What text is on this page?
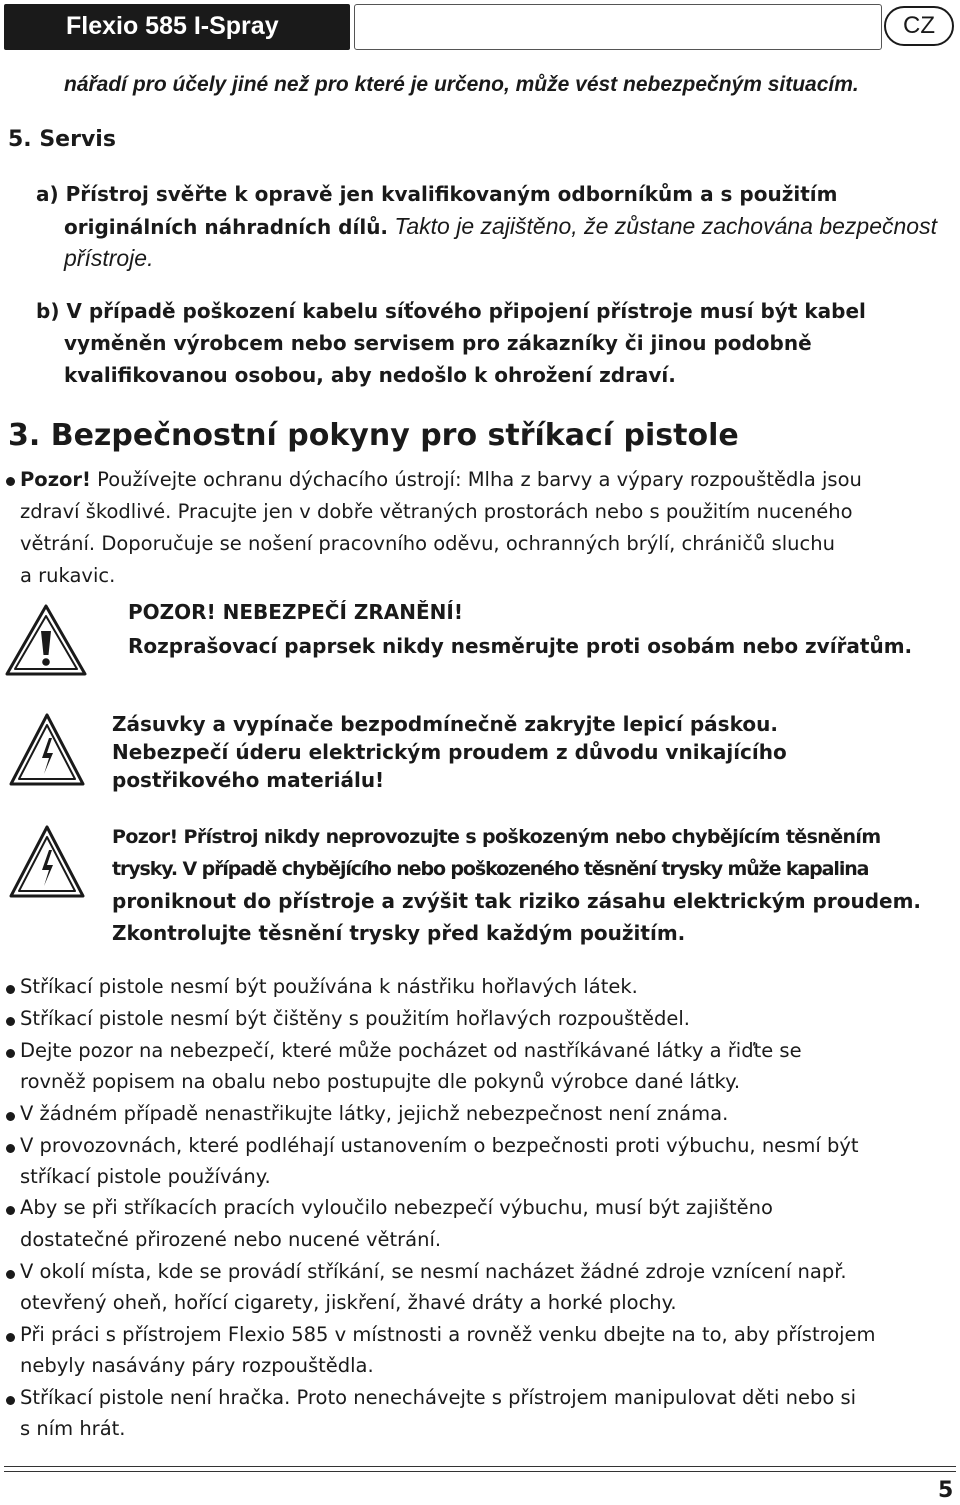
Flexio 585 I-Spray	CZ
nářadí pro účely jiné než pro které je určeno, může vést nebezpečným situacím.
5. Servis
a) Přístroj svěřte k opravě jen kvalifikovaným odborníkům a s použitím
originálních náhradních dílů. Takto je zajištěno, že zůstane zachována bezpečnost
přístroje.
b) V případě poškození kabelu síťového připojení přístroje musí být kabel
vyměněn výrobcem nebo servisem pro zákazníky či jinou podobně
kvalifikovanou osobou, aby nedošlo k ohrožení zdraví.
3. Bezpečnostní pokyny pro stříkací pistole
Pozor! Používejte ochranu dýchacího ústrojí: Mlha z barvy a výpary rozpouštědla jsou
zdraví škodlivé. Pracujte jen v dobře větraných prostorách nebo s použitím nuceného
větrání. Doporučuje se nošení pracovního oděvu, ochranných brýlí, chráničů sluchu
a rukavic.
POZOR! NEBEZPEČÍ ZRANĚNÍ!
Rozprašovací paprsek nikdy nesměrujte proti osobám nebo zvířatům.
Zásuvky a vypínače bezpodmínečně zakryjte lepicí páskou.
Nebezpečí úderu elektrickým proudem z důvodu vnikajícího
postřikového materiálu!
Pozor! Přístroj nikdy neprovozujte s poškozeným nebo chybějícím těsněním
trysky. V případě chybějícího nebo poškozeného těsnění trysky může kapalina
proniknout do přístroje a zvýšit tak riziko zásahu elektrickým proudem.
Zkontrolujte těsnění trysky před každým použitím.
Stříkací pistole nesmí být používána k nástřiku hořlavých látek.
Stříkací pistole nesmí být čištěny s použitím hořlavých rozpouštědel.
Dejte pozor na nebezpečí, které může pocházet od nastříkávané látky a řiďte se
rovněž popisem na obalu nebo postupujte dle pokynů výrobce dané látky.
V žádném případě nenastřikujte látky, jejichž nebezpečnost není známa.
V provozovnách, které podléhají ustanovením o bezpečnosti proti výbuchu, nesmí být
stříkací pistole používány.
Aby se při stříkacích pracích vyloučilo nebezpečí výbuchu, musí být zajištěno
dostatečné přirozené nebo nucené větrání.
V okolí místa, kde se provádí stříkání, se nesmí nacházet žádné zdroje vznícení např.
otevřený oheň, hořící cigarety, jiskření, žhavé dráty a horké plochy.
Při práci s přístrojem Flexio 585 v místnosti a rovněž venku dbejte na to, aby přístrojem
nebyly nasávány páry rozpouštědla.
Stříkací pistole není hračka. Proto nenechávejte s přístrojem manipulovat děti nebo si
s ním hrát.
5
